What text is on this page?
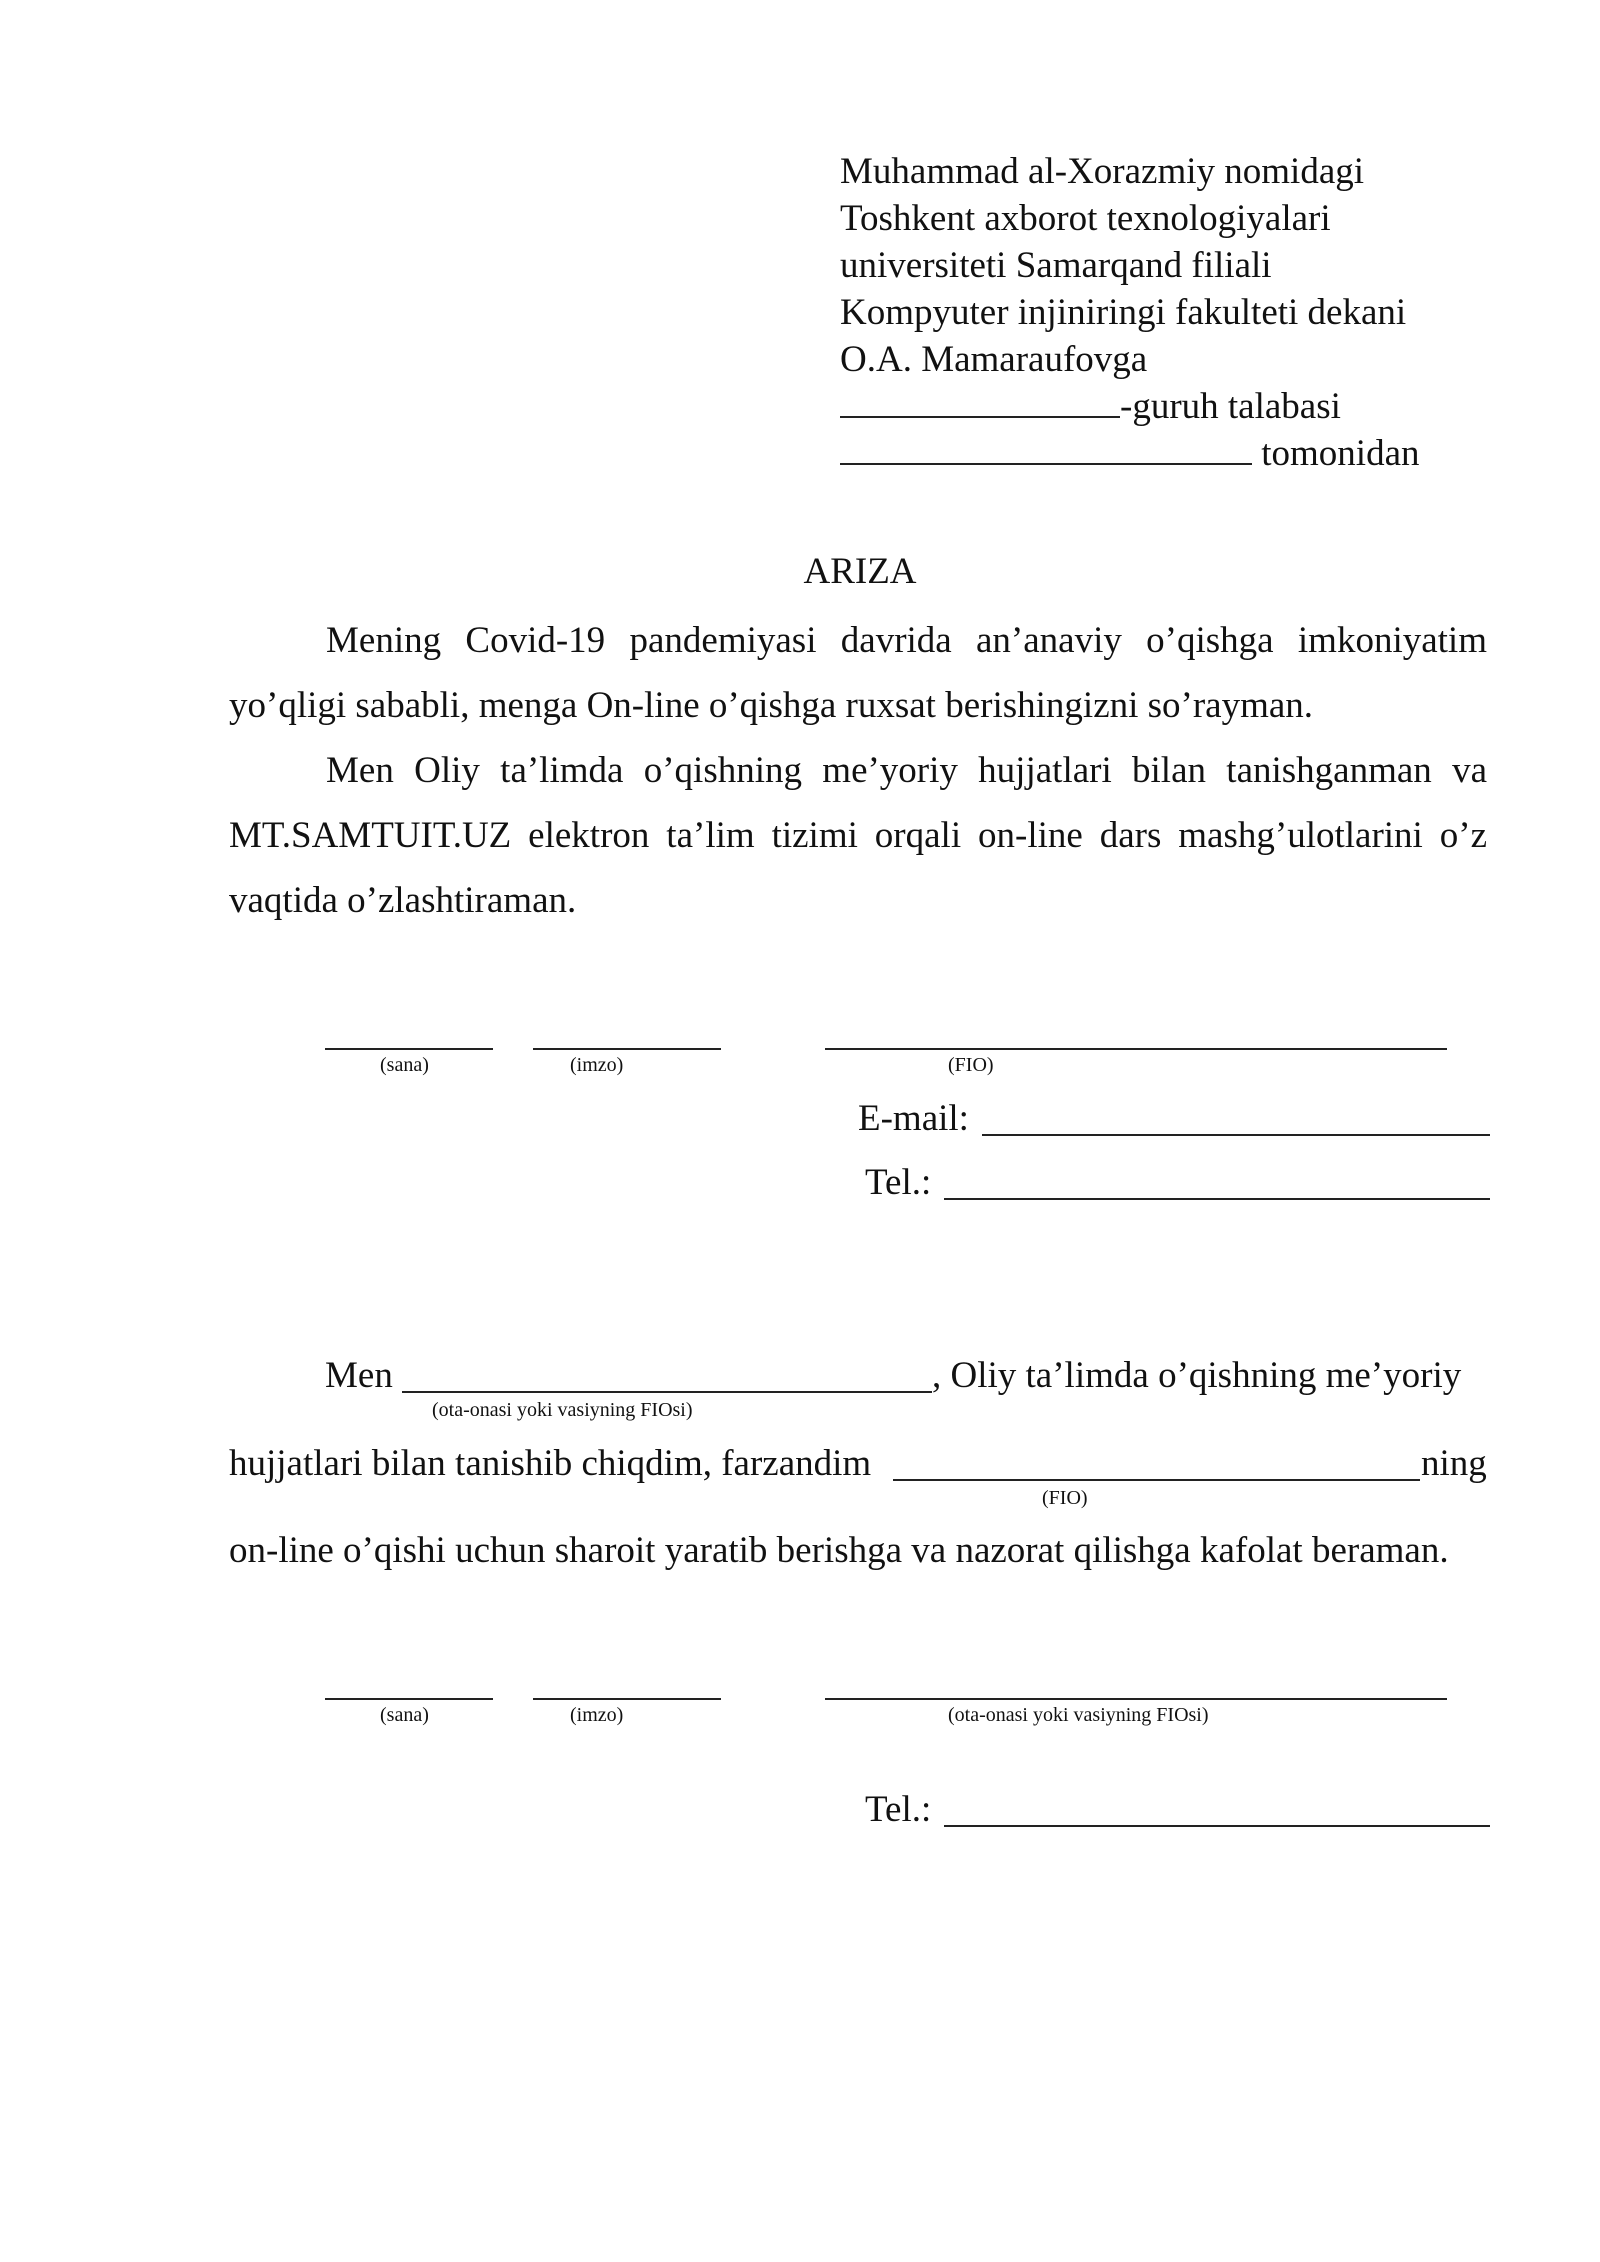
Muhammad al-Xorazmiy nomidagi
Toshkent axborot texnologiyalari
universiteti Samarqand filiali
Kompyuter injiniringi fakulteti dekani
O.A. Mamaraufovga
-guruh talabasi
tomonidan
ARIZA
Mening Covid-19 pandemiyasi davrida an’anaviy o’qishga imkoniyatim yo’qligi sababli, menga On-line o’qishga ruxsat berishingizni so’rayman.
Men Oliy ta’limda o’qishning me’yoriy hujjatlari bilan tanishganman va MT.SAMTUIT.UZ elektron ta’lim tizimi orqali on-line dars mashg’ulotlarini o’z vaqtida o’zlashtiraman.
(sana)	(imzo)	(FIO)
E-mail:
Tel.:
Men	, Oliy ta’limda o’qishning me’yoriy
(ota-onasi yoki vasiyning FIOsi)
hujjatlari bilan tanishib chiqdim, farzandim	ning
(FIO)
on-line o’qishi uchun sharoit yaratib berishga va nazorat qilishga kafolat beraman.
(sana)	(imzo)	(ota-onasi yoki vasiyning FIOsi)
Tel.:
